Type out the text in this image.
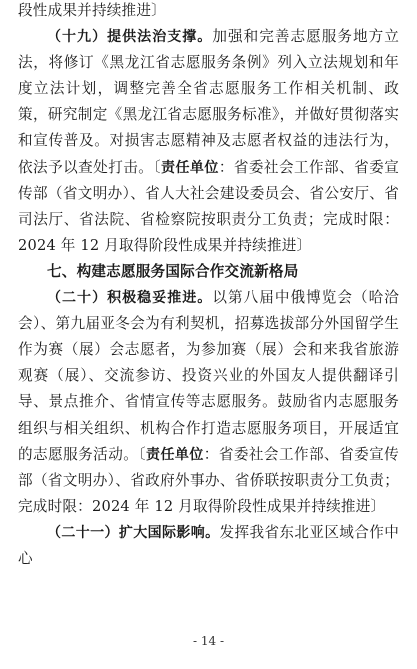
段性成果并持续推进〕

（十九）提供法治支撑。加强和完善志愿服务地方立法，将修订《黑龙江省志愿服务条例》列入立法规划和年度立法计划，调整完善全省志愿服务工作相关机制、政策，研究制定《黑龙江省志愿服务标准》，并做好贯彻落实和宣传普及。对损害志愿精神及志愿者权益的违法行为，依法予以查处打击。〔责任单位：省委社会工作部、省委宣传部（省文明办）、省人大社会建设委员会、省公安厅、省司法厅、省法院、省检察院按职责分工负责；完成时限：2024 年 12 月取得阶段性成果并持续推进〕

七、构建志愿服务国际合作交流新格局

（二十）积极稳妥推进。以第八届中俄博览会（哈洽会）、第九届亚冬会为有利契机，招募选拔部分外国留学生作为赛（展）会志愿者，为参加赛（展）会和来我省旅游观赛（展）、交流参访、投资兴业的外国友人提供翻译引导、景点推介、省情宣传等志愿服务。鼓励省内志愿服务组织与相关组织、机构合作打造志愿服务项目，开展适宜的志愿服务活动。〔责任单位：省委社会工作部、省委宣传部（省文明办）、省政府外事办、省侨联按职责分工负责；完成时限：2024 年 12 月取得阶段性成果并持续推进〕

（二十一）扩大国际影响。发挥我省东北亚区域合作中心

- 14 -
